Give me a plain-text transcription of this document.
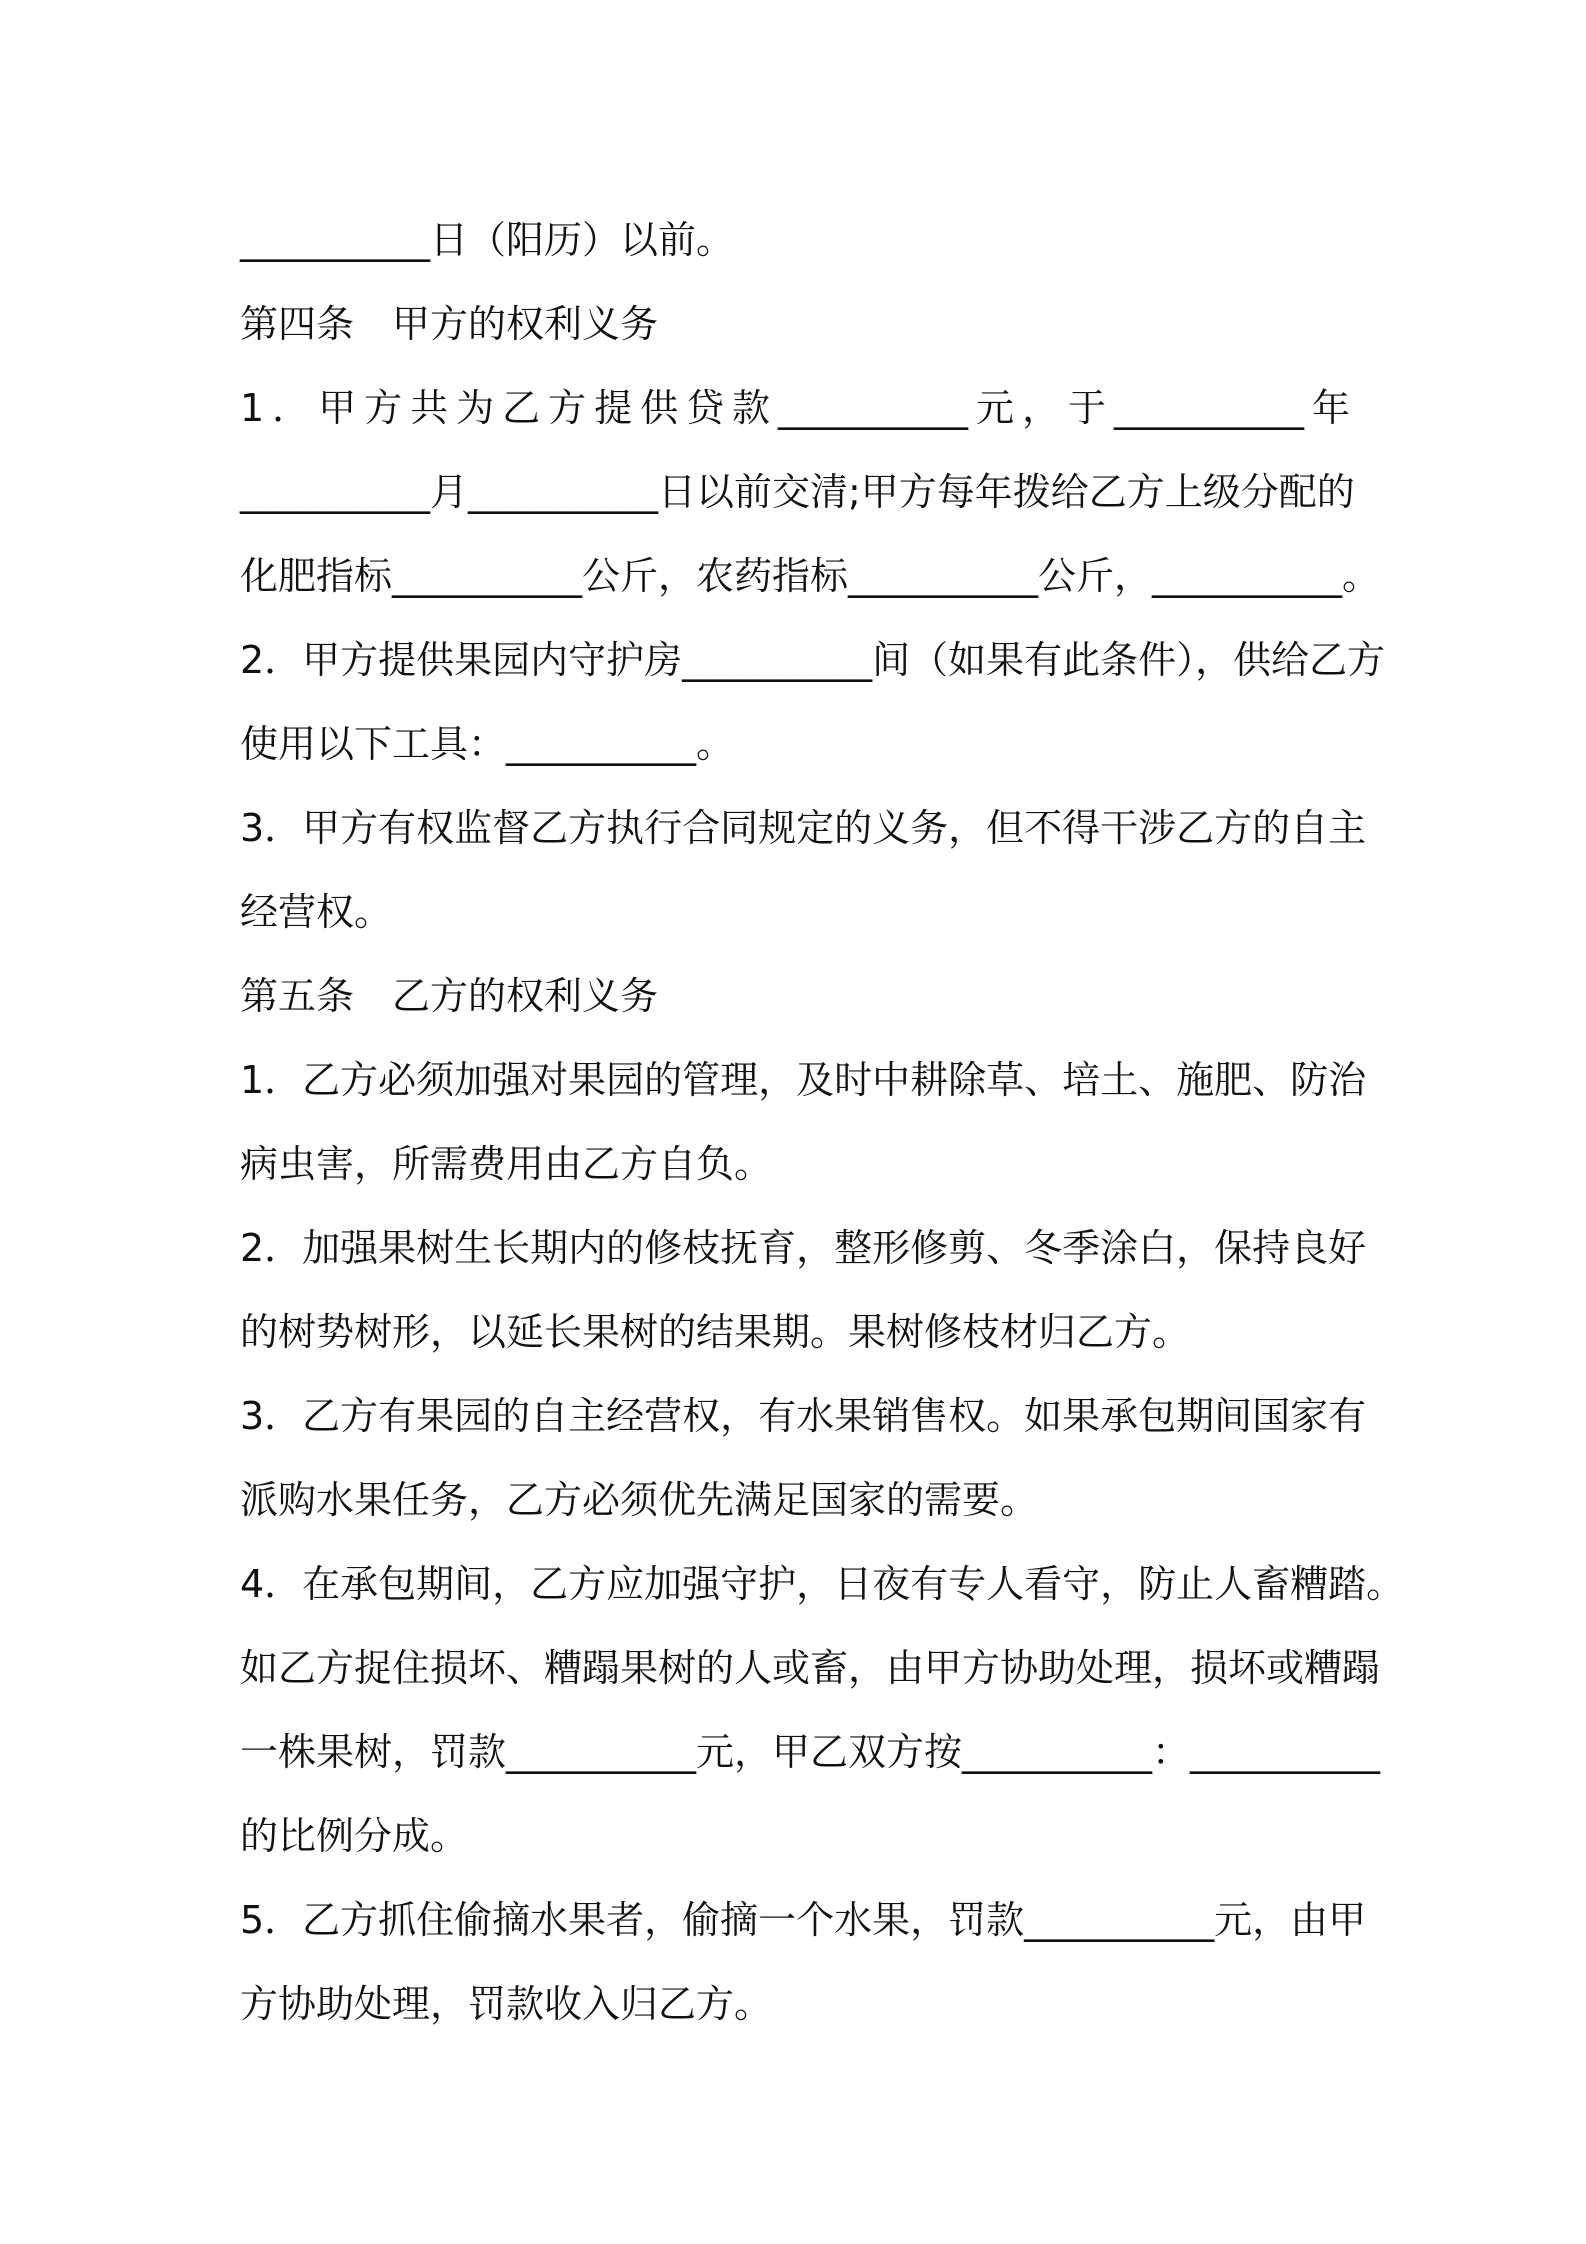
__________日（阳历）以前。
第四条　甲方的权利义务
1．甲方共为乙方提供贷款__________元，于__________年
__________月__________日以前交清;甲方每年拨给乙方上级分配的
化肥指标__________公斤，农药指标__________公斤，__________。
2．甲方提供果园内守护房__________间（如果有此条件），供给乙方
使用以下工具：__________。
3．甲方有权监督乙方执行合同规定的义务，但不得干涉乙方的自主
经营权。
第五条　乙方的权利义务
1．乙方必须加强对果园的管理，及时中耕除草、培土、施肥、防治
病虫害，所需费用由乙方自负。
2．加强果树生长期内的修枝抚育，整形修剪、冬季涂白，保持良好
的树势树形，以延长果树的结果期。果树修枝材归乙方。
3．乙方有果园的自主经营权，有水果销售权。如果承包期间国家有
派购水果任务，乙方必须优先满足国家的需要。
4．在承包期间，乙方应加强守护，日夜有专人看守，防止人畜糟踏。
如乙方捉住损坏、糟蹋果树的人或畜，由甲方协助处理，损坏或糟蹋
一株果树，罚款__________元，甲乙双方按__________：__________
的比例分成。
5．乙方抓住偷摘水果者，偷摘一个水果，罚款__________元，由甲
方协助处理，罚款收入归乙方。
